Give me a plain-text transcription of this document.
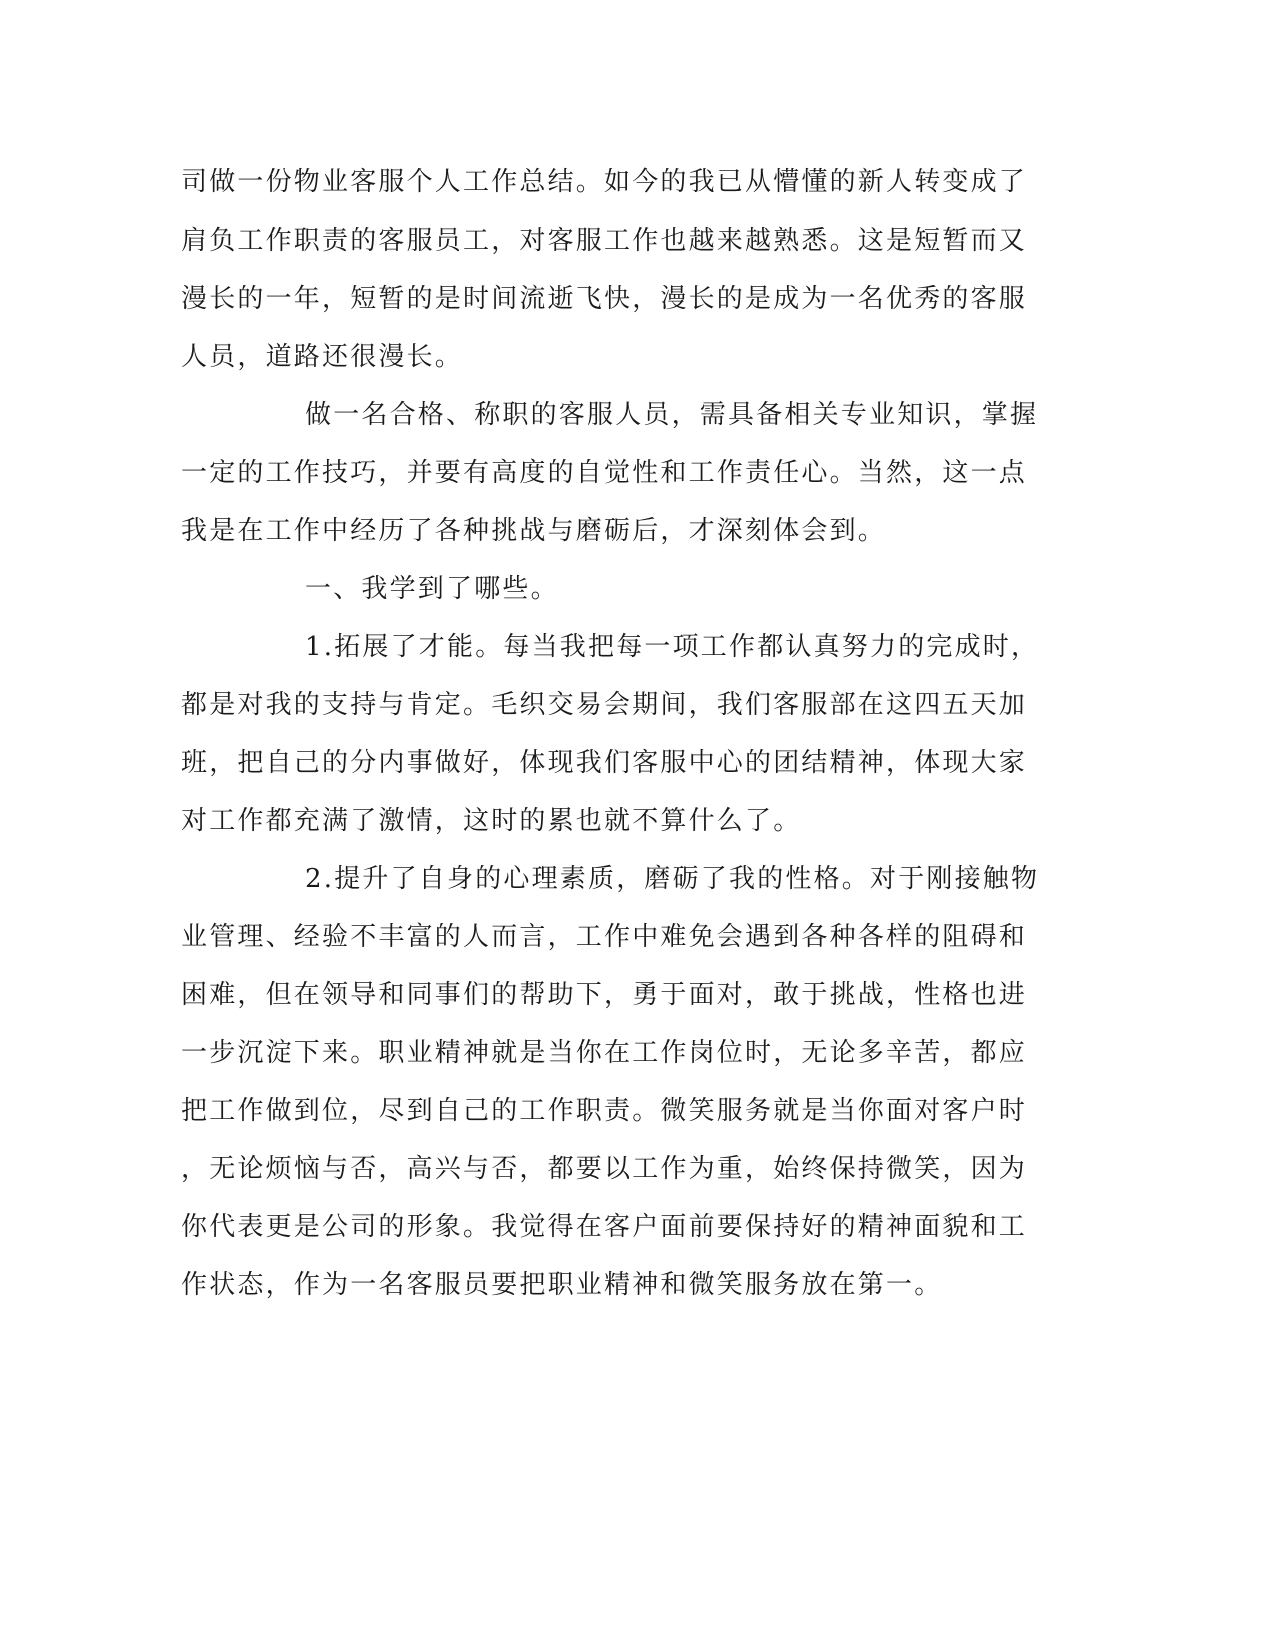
司做一份物业客服个人工作总结。如今的我已从懵懂的新人转变成了
肩负工作职责的客服员工，对客服工作也越来越熟悉。这是短暂而又
漫长的一年，短暂的是时间流逝飞快，漫长的是成为一名优秀的客服
人员，道路还很漫长。
做一名合格、称职的客服人员，需具备相关专业知识，掌握
一定的工作技巧，并要有高度的自觉性和工作责任心。当然，这一点
我是在工作中经历了各种挑战与磨砺后，才深刻体会到。
一、我学到了哪些。
1.拓展了才能。每当我把每一项工作都认真努力的完成时，
都是对我的支持与肯定。毛织交易会期间，我们客服部在这四五天加
班，把自己的分内事做好，体现我们客服中心的团结精神，体现大家
对工作都充满了激情，这时的累也就不算什么了。
2.提升了自身的心理素质，磨砺了我的性格。对于刚接触物
业管理、经验不丰富的人而言，工作中难免会遇到各种各样的阻碍和
困难，但在领导和同事们的帮助下，勇于面对，敢于挑战，性格也进
一步沉淀下来。职业精神就是当你在工作岗位时，无论多辛苦，都应
把工作做到位，尽到自己的工作职责。微笑服务就是当你面对客户时
，无论烦恼与否，高兴与否，都要以工作为重，始终保持微笑，因为
你代表更是公司的形象。我觉得在客户面前要保持好的精神面貌和工
作状态，作为一名客服员要把职业精神和微笑服务放在第一。
